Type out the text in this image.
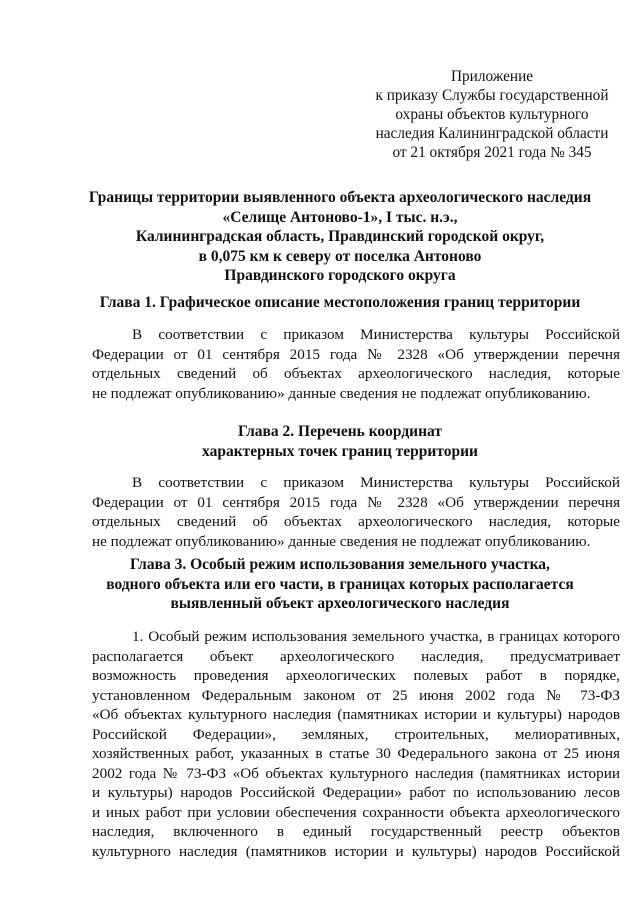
Приложение
к приказу Службы государственной
охраны объектов культурного
наследия Калининградской области
от 21 октября 2021 года № 345
Границы территории выявленного объекта археологического наследия
«Селище Антоново-1», I тыс. н.э.,
Калининградская область, Правдинский городской округ,
в 0,075 км к северу от поселка Антоново
Правдинского городского округа
Глава 1. Графическое описание местоположения границ территории
В соответствии с приказом Министерства культуры Российской
Федерации от 01 сентября 2015 года № 2328 «Об утверждении перечня
отдельных сведений об объектах археологического наследия, которые
не подлежат опубликованию» данные сведения не подлежат опубликованию.
Глава 2. Перечень координат
характерных точек границ территории
В соответствии с приказом Министерства культуры Российской
Федерации от 01 сентября 2015 года № 2328 «Об утверждении перечня
отдельных сведений об объектах археологического наследия, которые
не подлежат опубликованию» данные сведения не подлежат опубликованию.
Глава 3. Особый режим использования земельного участка,
водного объекта или его части, в границах которых располагается
выявленный объект археологического наследия
1. Особый режим использования земельного участка, в границах которого
располагается объект археологического наследия, предусматривает
возможность проведения археологических полевых работ в порядке,
установленном Федеральным законом от 25 июня 2002 года № 73-ФЗ
«Об объектах культурного наследия (памятниках истории и культуры) народов
Российской Федерации», земляных, строительных, мелиоративных,
хозяйственных работ, указанных в статье 30 Федерального закона от 25 июня
2002 года № 73-ФЗ «Об объектах культурного наследия (памятниках истории
и культуры) народов Российской Федерации» работ по использованию лесов
и иных работ при условии обеспечения сохранности объекта археологического
наследия, включенного в единый государственный реестр объектов
культурного наследия (памятников истории и культуры) народов Российской
